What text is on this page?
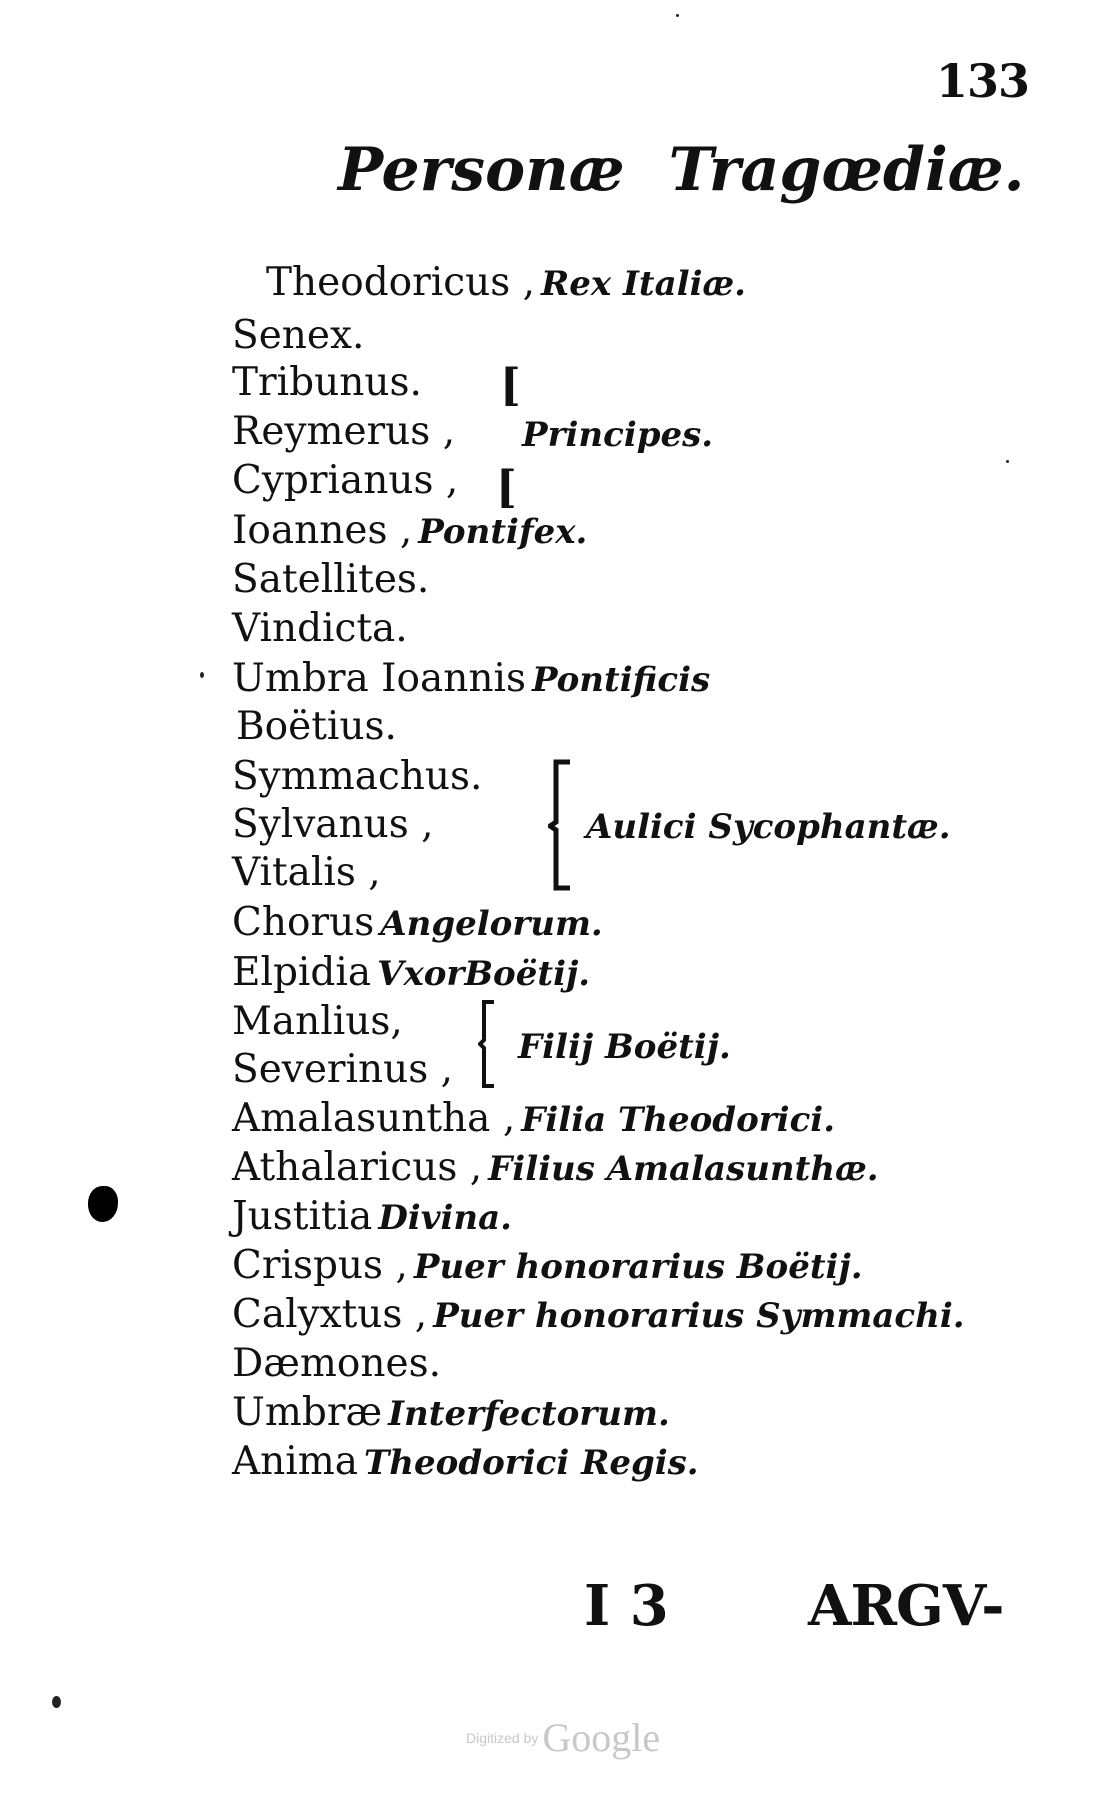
133
Personæ Tragœdiæ.
Theodoricus , Rex Italiæ.
Senex.
Tribunus.
Reymerus ,
Cyprianus ,
Ioannes , Pontifex.
Satellites.
Vindicta.
Umbra Ioannis Pontificis
Boëtius.
Symmachus.
Sylvanus ,
Vitalis ,
Chorus Angelorum.
Elpidia VxorBoëtij.
Manlius,
Severinus ,
Amalasuntha , Filia Theodorici.
Athalaricus , Filius Amalasunthæ.
Justitia Divina.
Crispus , Puer honorarius Boëtij.
Calyxtus , Puer honorarius Symmachi.
Dæmones.
Umbræ Interfectorum.
Anima Theodorici Regis.
[
Principes.
[
Aulici Sycophantæ.
Filij Boëtij.
I 3 ARGV-
Digitized by Google
